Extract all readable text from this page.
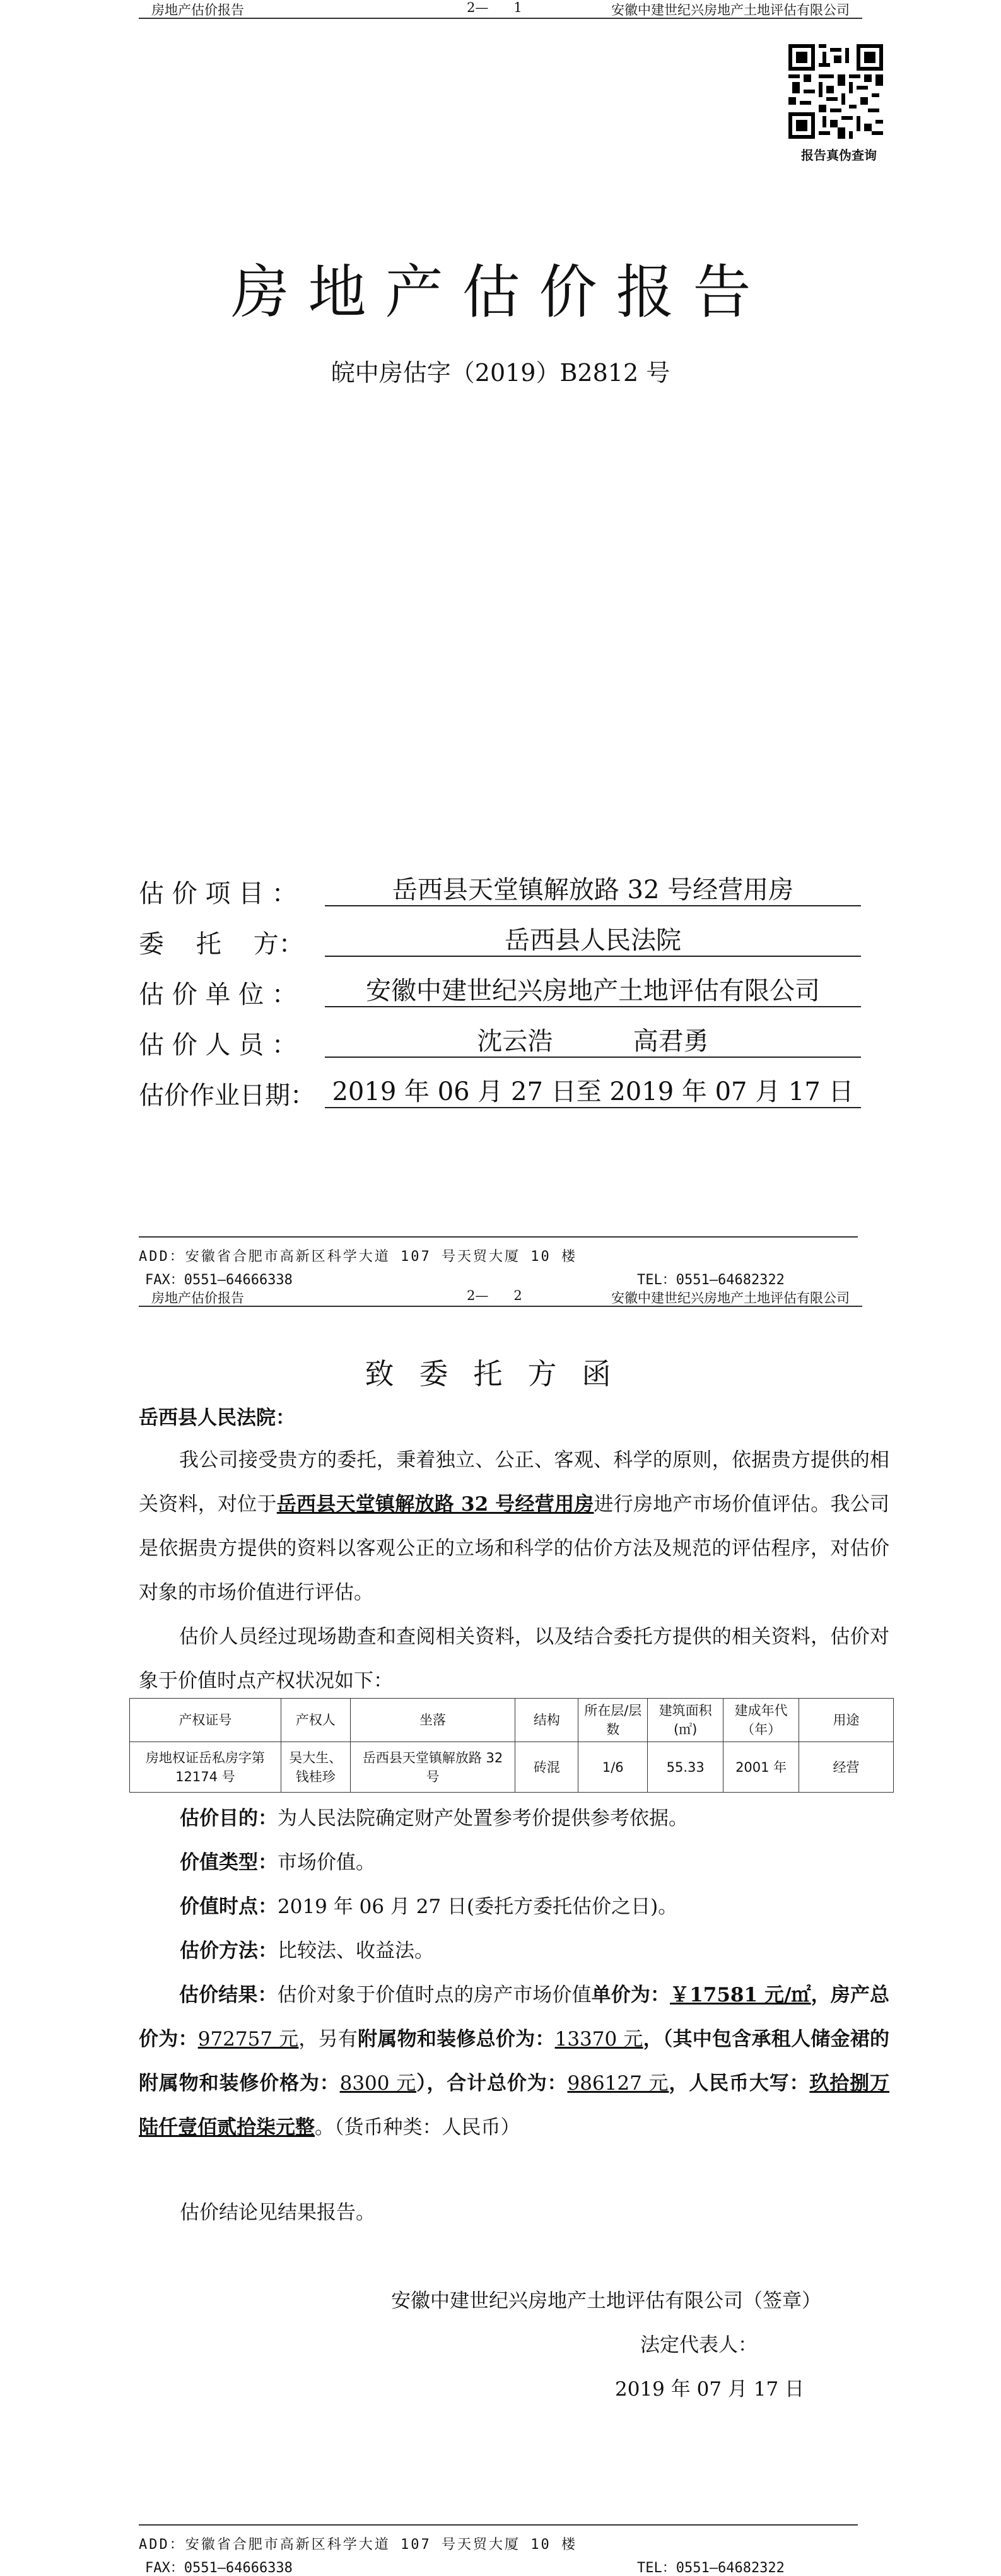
房地产估价报告	2—      1	安徽中建世纪兴房地产土地评估有限公司
报告真伪查询
房地产估价报告
皖中房估字（2019）B2812 号
估 价 项 目 ：	岳西县天堂镇解放路 32 号经营用房
委    托    方：	岳西县人民法院
估 价 单 位 ：	安徽中建世纪兴房地产土地评估有限公司
估 价 人 员 ：	沈云浩          高君勇
估价作业日期： 2019 年 06 月 27 日至 2019 年 07 月 17 日
ADD：安徽省合肥市高新区科学大道 107 号天贸大厦 10 楼
FAX：0551—64666338	TEL：0551—64682322
房地产估价报告	2—      2	安徽中建世纪兴房地产土地评估有限公司
致委托方函
岳西县人民法院：
我公司接受贵方的委托，秉着独立、公正、客观、科学的原则，依据贵方提供的相关资料，对位于岳西县天堂镇解放路 32 号经营用房进行房地产市场价值评估。我公司是依据贵方提供的资料以客观公正的立场和科学的估价方法及规范的评估程序，对估价对象的市场价值进行评估。
估价人员经过现场勘查和查阅相关资料，以及结合委托方提供的相关资料，估价对象于价值时点产权状况如下：
产权证号	产权人	坐落	结构	所在层/层数	建筑面积(㎡)	建成年代（年）	用途
房地权证岳私房字第 12174 号	吴大生、钱桂珍	岳西县天堂镇解放路 32 号	砖混	1/6	55.33	2001 年	经营
估价目的：为人民法院确定财产处置参考价提供参考依据。
价值类型：市场价值。
价值时点：2019 年 06 月 27 日(委托方委托估价之日)。
估价方法：比较法、收益法。
估价结果：估价对象于价值时点的房产市场价值单价为：￥17581 元/㎡，房产总价为：972757 元，另有附属物和装修总价为：13370 元，（其中包含承租人储金裙的附属物和装修价格为：8300 元），合计总价为：986127 元，人民币大写：玖拾捌万陆仟壹佰贰拾柒元整。（货币种类：人民币）
估价结论见结果报告。
安徽中建世纪兴房地产土地评估有限公司（签章）
法定代表人：
2019 年 07 月 17 日
ADD：安徽省合肥市高新区科学大道 107 号天贸大厦 10 楼
FAX：0551—64666338	TEL：0551—64682322
